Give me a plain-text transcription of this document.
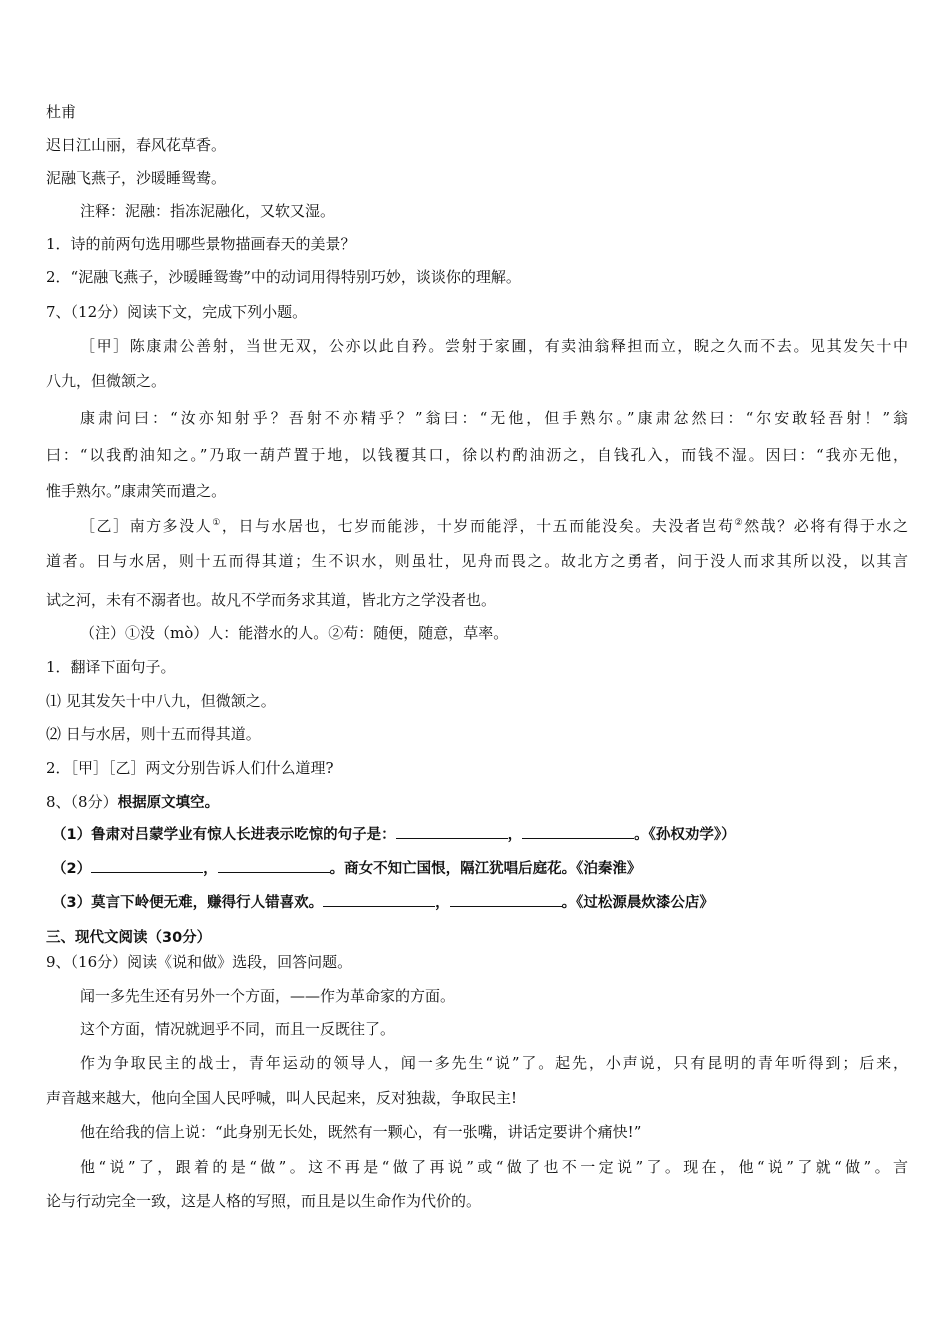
杜甫
迟日江山丽，春风花草香。
泥融飞燕子，沙暖睡鸳鸯。
注释：泥融：指冻泥融化，又软又湿。
1．诗的前两句选用哪些景物描画春天的美景？
2．“泥融飞燕子，沙暖睡鸳鸯”中的动词用得特别巧妙，谈谈你的理解。
7、（12分）阅读下文，完成下列小题。
［甲］陈康肃公善射，当世无双，公亦以此自矜。尝射于家圃，有卖油翁释担而立，睨之久而不去。见其发矢十中
八九，但微颔之。
康肃问曰：“汝亦知射乎？吾射不亦精乎？”翁曰：“无他，但手熟尔。”康肃忿然曰：“尔安敢轻吾射！”翁
曰：“以我酌油知之。”乃取一葫芦置于地，以钱覆其口，徐以杓酌油沥之，自钱孔入，而钱不湿。因曰：“我亦无他，
惟手熟尔。”康肃笑而遣之。
［乙］南方多没人①，日与水居也，七岁而能涉，十岁而能浮，十五而能没矣。夫没者岂苟②然哉？必将有得于水之
道者。日与水居，则十五而得其道；生不识水，则虽壮，见舟而畏之。故北方之勇者，问于没人而求其所以没，以其言
试之河，未有不溺者也。故凡不学而务求其道，皆北方之学没者也。
（注）①没（mò）人：能潜水的人。②苟：随便，随意，草率。
1．翻译下面句子。
⑴ 见其发矢十中八九，但微颔之。
⑵ 日与水居，则十五而得其道。
2．［甲］［乙］两文分别告诉人们什么道理?
8、（8分）根据原文填空。
（1）鲁肃对吕蒙学业有惊人长进表示吃惊的句子是：	，	。《孙权劝学》）
（2）	，	。商女不知亡国恨，隔江犹唱后庭花。《泊秦淮》
（3）莫言下岭便无难，赚得行人错喜欢。	，	。《过松源晨炊漆公店》
三、现代文阅读（30分）
9、（16分）阅读《说和做》选段，回答问题。
闻一多先生还有另外一个方面，——作为革命家的方面。
这个方面，情况就迥乎不同，而且一反既往了。
作为争取民主的战士，青年运动的领导人，闻一多先生“说”了。起先，小声说，只有昆明的青年听得到；后来，
声音越来越大，他向全国人民呼喊，叫人民起来，反对独裁，争取民主!
他在给我的信上说：“此身别无长处，既然有一颗心，有一张嘴，讲话定要讲个痛快!”
他“说”了，跟着的是“做”。这不再是“做了再说”或“做了也不一定说”了。现在，他“说”了就“做”。言
论与行动完全一致，这是人格的写照，而且是以生命作为代价的。
